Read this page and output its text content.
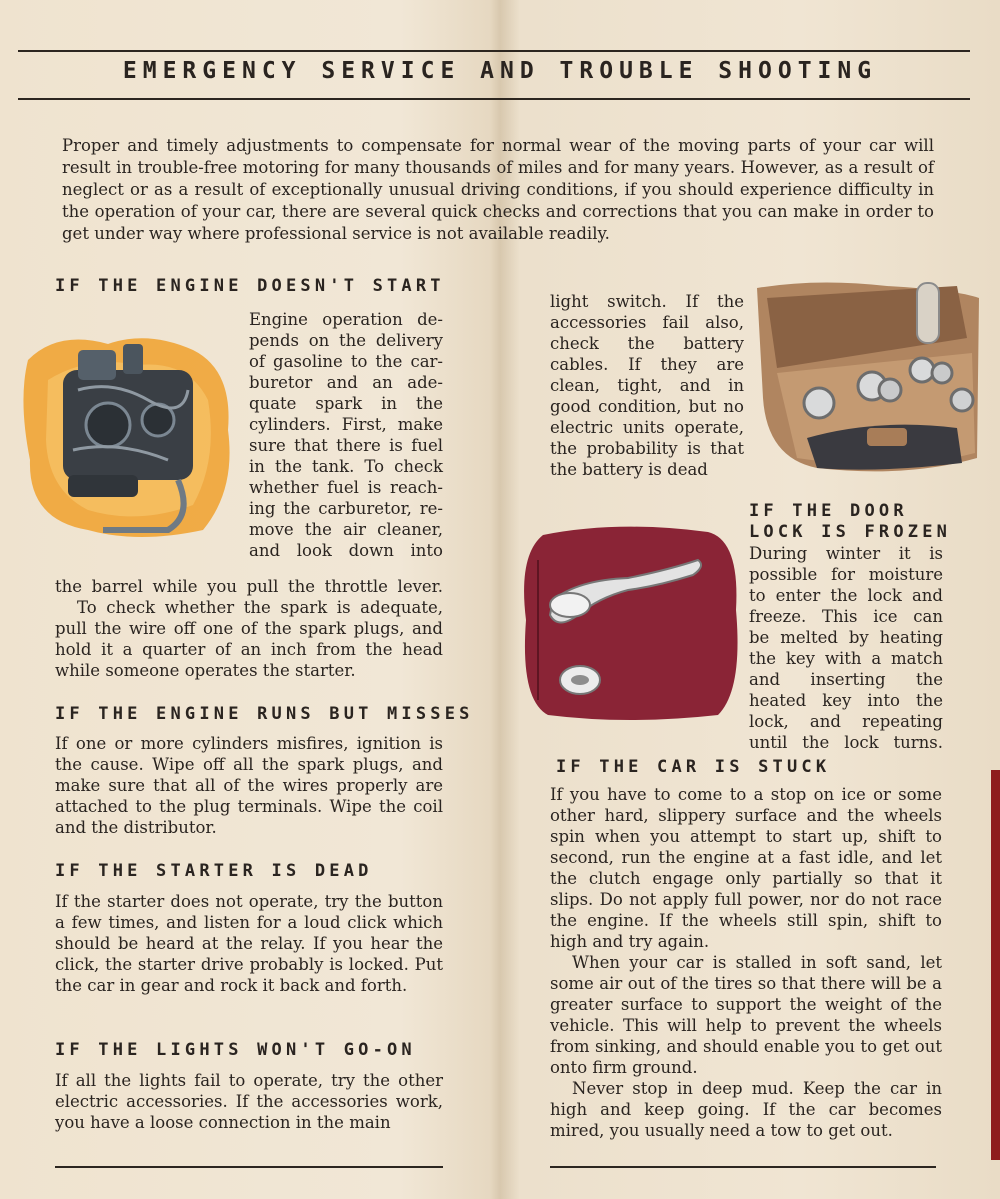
EMERGENCY SERVICE AND TROUBLE SHOOTING

Proper and timely adjustments to compensate for normal wear of the moving parts of your car will result in trouble-free motoring for many thousands of miles and for many years. However, as a result of neglect or as a result of exceptionally unusual driving conditions, if you should experience difficulty in the operation of your car, there are several quick checks and corrections that you can make in order to get under way where professional service is not available readily.

IF THE ENGINE DOESN'T START
Engine operation de-
pends on the delivery
of gasoline to the car-
buretor and an ade-
quate spark in the
cylinders. First, make
sure that there is fuel
in the tank. To check
whether fuel is reach-
ing the carburetor, re-
move the air cleaner,
and look down into

the barrel while you pull the throttle lever.

To check whether the spark is adequate, pull the wire off one of the spark plugs, and hold it a quarter of an inch from the head while someone operates the starter.

IF THE ENGINE RUNS BUT MISSES

If one or more cylinders misfires, ignition is the cause. Wipe off all the spark plugs, and make sure that all of the wires properly are attached to the plug terminals. Wipe the coil and the distributor.

IF THE STARTER IS DEAD

If the starter does not operate, try the button a few times, and listen for a loud click which should be heard at the relay. If you hear the click, the starter drive probably is locked. Put the car in gear and rock it back and forth.

IF THE LIGHTS WON'T GO-ON

If all the lights fail to operate, try the other electric accessories. If the accessories work, you have a loose connection in the main

light switch. If the
accessories fail also,
check the battery
cables. If they are
clean, tight, and in
good condition, but no
electric units operate,
the probability is that
the battery is dead
IF THE DOOR
LOCK IS FROZEN
During winter it is
possible for moisture
to enter the lock and
freeze. This ice can
be melted by heating
the key with a match
and inserting the
heated key into the
lock, and repeating
until the lock turns.
IF THE CAR IS STUCK

If you have to come to a stop on ice or some other hard, slippery surface and the wheels spin when you attempt to start up, shift to second, run the engine at a fast idle, and let the clutch engage only partially so that it slips. Do not apply full power, nor do not race the engine. If the wheels still spin, shift to high and try again.

When your car is stalled in soft sand, let some air out of the tires so that there will be a greater surface to support the weight of the vehicle. This will help to prevent the wheels from sinking, and should enable you to get out onto firm ground.

Never stop in deep mud. Keep the car in high and keep going. If the car becomes mired, you usually need a tow to get out.
